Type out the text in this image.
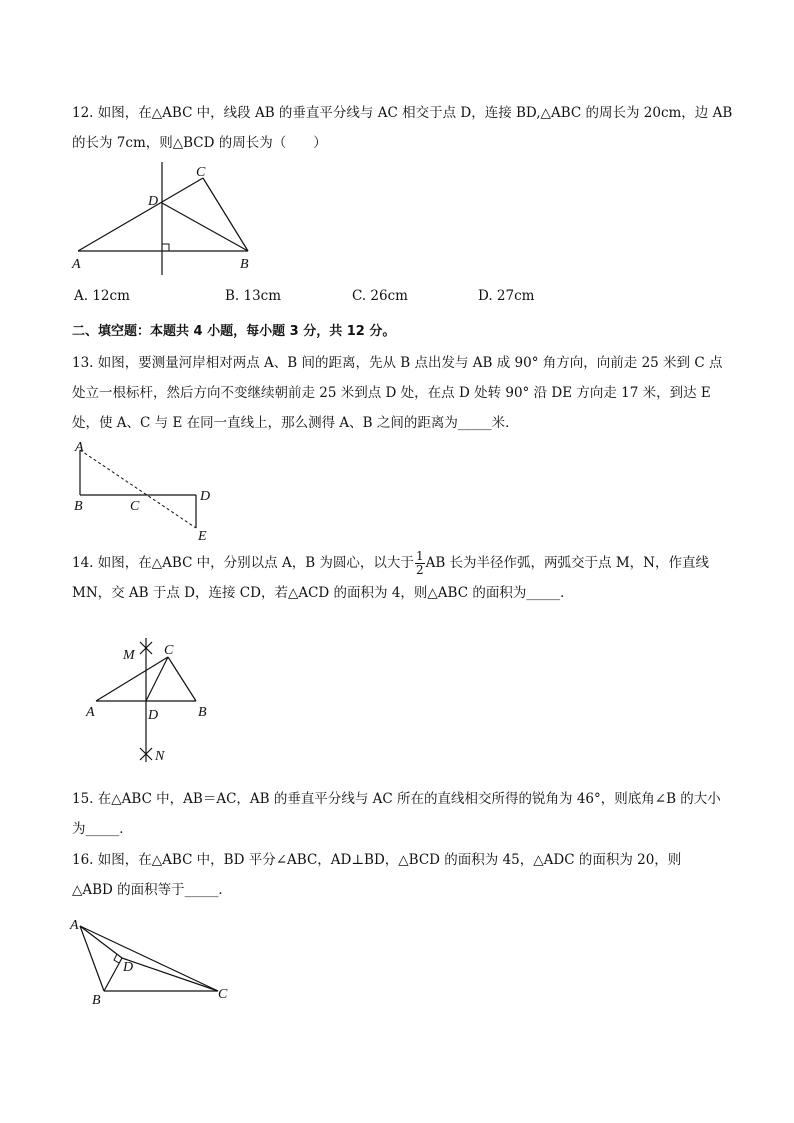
12. 如图，在△ABC 中，线段 AB 的垂直平分线与 AC 相交于点 D，连接 BD,△ABC 的周长为 20cm，边 AB
的长为 7cm，则△BCD 的周长为（　　）
A	B
C
D
A. 12cm	B. 13cm	C. 26cm	D. 27cm
二、填空题：本题共 4 小题，每小题 3 分，共 12 分。
13. 如图，要测量河岸相对两点 A、B 间的距离，先从 B 点出发与 AB 成 90° 角方向，向前走 25 米到 C 点
处立一根标杆，然后方向不变继续朝前走 25 米到点 D 处，在点 D 处转 90° 沿 DE 方向走 17 米，到达 E
处，使 A、C 与 E 在同一直线上，那么测得 A、B 之间的距离为_____米．
A
B	C
D
E
14. 如图，在△ABC 中，分别以点 A，B 为圆心，以大于 $\frac{1}{2}$ AB 长为半径作弧，两弧交于点 M，N，作直线
MN，交 AB 于点 D，连接 CD，若△ACD 的面积为 4，则△ABC 的面积为_____．
M C
A	D	B
N
15. 在△ABC 中，AB＝AC，AB 的垂直平分线与 AC 所在的直线相交所得的锐角为 46°，则底角∠B 的大小
为_____．
16. 如图，在△ABC 中，BD 平分∠ABC，AD⊥BD，△BCD 的面积为 45，△ADC 的面积为 20，则
△ABD 的面积等于_____．
A
D
B	C
